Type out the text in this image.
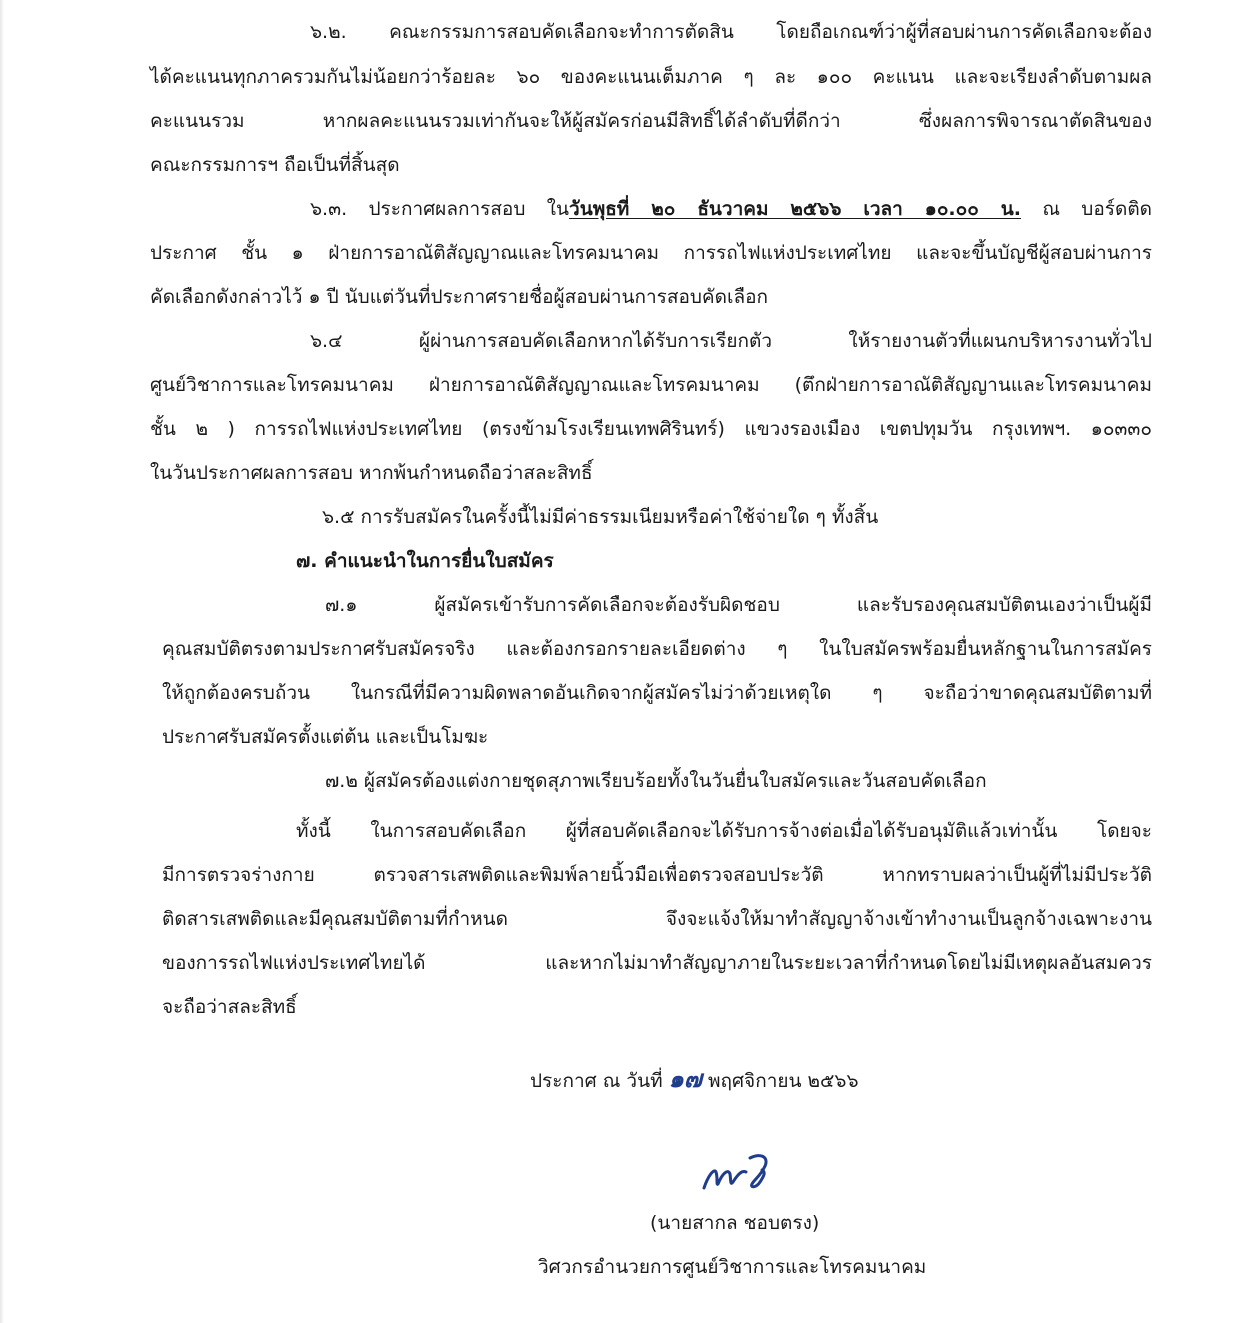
๖.๒. คณะกรรมการสอบคัดเลือกจะทำการตัดสิน โดยถือเกณฑ์ว่าผู้ที่สอบผ่านการคัดเลือกจะต้อง
ได้คะแนนทุกภาครวมกันไม่น้อยกว่าร้อยละ ๖๐ ของคะแนนเต็มภาค ๆ ละ ๑๐๐ คะแนน และจะเรียงลำดับตามผล
คะแนนรวม หากผลคะแนนรวมเท่ากันจะให้ผู้สมัครก่อนมีสิทธิ์ได้ลำดับที่ดีกว่า ซึ่งผลการพิจารณาตัดสินของ
คณะกรรมการฯ ถือเป็นที่สิ้นสุด
๖.๓. ประกาศผลการสอบ ในวันพุธที่ ๒๐ ธันวาคม ๒๕๖๖ เวลา ๑๐.๐๐ น. ณ บอร์ดติด
ประกาศ ชั้น ๑ ฝ่ายการอาณัติสัญญาณและโทรคมนาคม การรถไฟแห่งประเทศไทย และจะขึ้นบัญชีผู้สอบผ่านการ
คัดเลือกดังกล่าวไว้ ๑ ปี นับแต่วันที่ประกาศรายชื่อผู้สอบผ่านการสอบคัดเลือก
๖.๔ ผู้ผ่านการสอบคัดเลือกหากได้รับการเรียกตัว ให้รายงานตัวที่แผนกบริหารงานทั่วไป
ศูนย์วิชาการและโทรคมนาคม ฝ่ายการอาณัติสัญญาณและโทรคมนาคม (ตึกฝ่ายการอาณัติสัญญานและโทรคมนาคม
ชั้น ๒ ) การรถไฟแห่งประเทศไทย (ตรงข้ามโรงเรียนเทพศิรินทร์) แขวงรองเมือง เขตปทุมวัน กรุงเทพฯ. ๑๐๓๓๐
ในวันประกาศผลการสอบ หากพ้นกำหนดถือว่าสละสิทธิ์
๖.๕ การรับสมัครในครั้งนี้ไม่มีค่าธรรมเนียมหรือค่าใช้จ่ายใด ๆ ทั้งสิ้น
๗. คำแนะนำในการยื่นใบสมัคร
๗.๑ ผู้สมัครเข้ารับการคัดเลือกจะต้องรับผิดชอบ และรับรองคุณสมบัติตนเองว่าเป็นผู้มี
คุณสมบัติตรงตามประกาศรับสมัครจริง และต้องกรอกรายละเอียดต่าง ๆ ในใบสมัครพร้อมยื่นหลักฐานในการสมัคร
ให้ถูกต้องครบถ้วน ในกรณีที่มีความผิดพลาดอันเกิดจากผู้สมัครไม่ว่าด้วยเหตุใด ๆ จะถือว่าขาดคุณสมบัติตามที่
ประกาศรับสมัครตั้งแต่ต้น และเป็นโมฆะ
๗.๒ ผู้สมัครต้องแต่งกายชุดสุภาพเรียบร้อยทั้งในวันยื่นใบสมัครและวันสอบคัดเลือก
ทั้งนี้ ในการสอบคัดเลือก ผู้ที่สอบคัดเลือกจะได้รับการจ้างต่อเมื่อได้รับอนุมัติแล้วเท่านั้น โดยจะ
มีการตรวจร่างกาย ตรวจสารเสพติดและพิมพ์ลายนิ้วมือเพื่อตรวจสอบประวัติ หากทราบผลว่าเป็นผู้ที่ไม่มีประวัติ
ติดสารเสพติดและมีคุณสมบัติตามที่กำหนด จึงจะแจ้งให้มาทำสัญญาจ้างเข้าทำงานเป็นลูกจ้างเฉพาะงาน
ของการรถไฟแห่งประเทศไทยได้ และหากไม่มาทำสัญญาภายในระยะเวลาที่กำหนดโดยไม่มีเหตุผลอันสมควร
จะถือว่าสละสิทธิ์
ประกาศ ณ วันที่ ๑๗ พฤศจิกายน ๒๕๖๖
(นายสากล ชอบตรง)
วิศวกรอำนวยการศูนย์วิชาการและโทรคมนาคม
